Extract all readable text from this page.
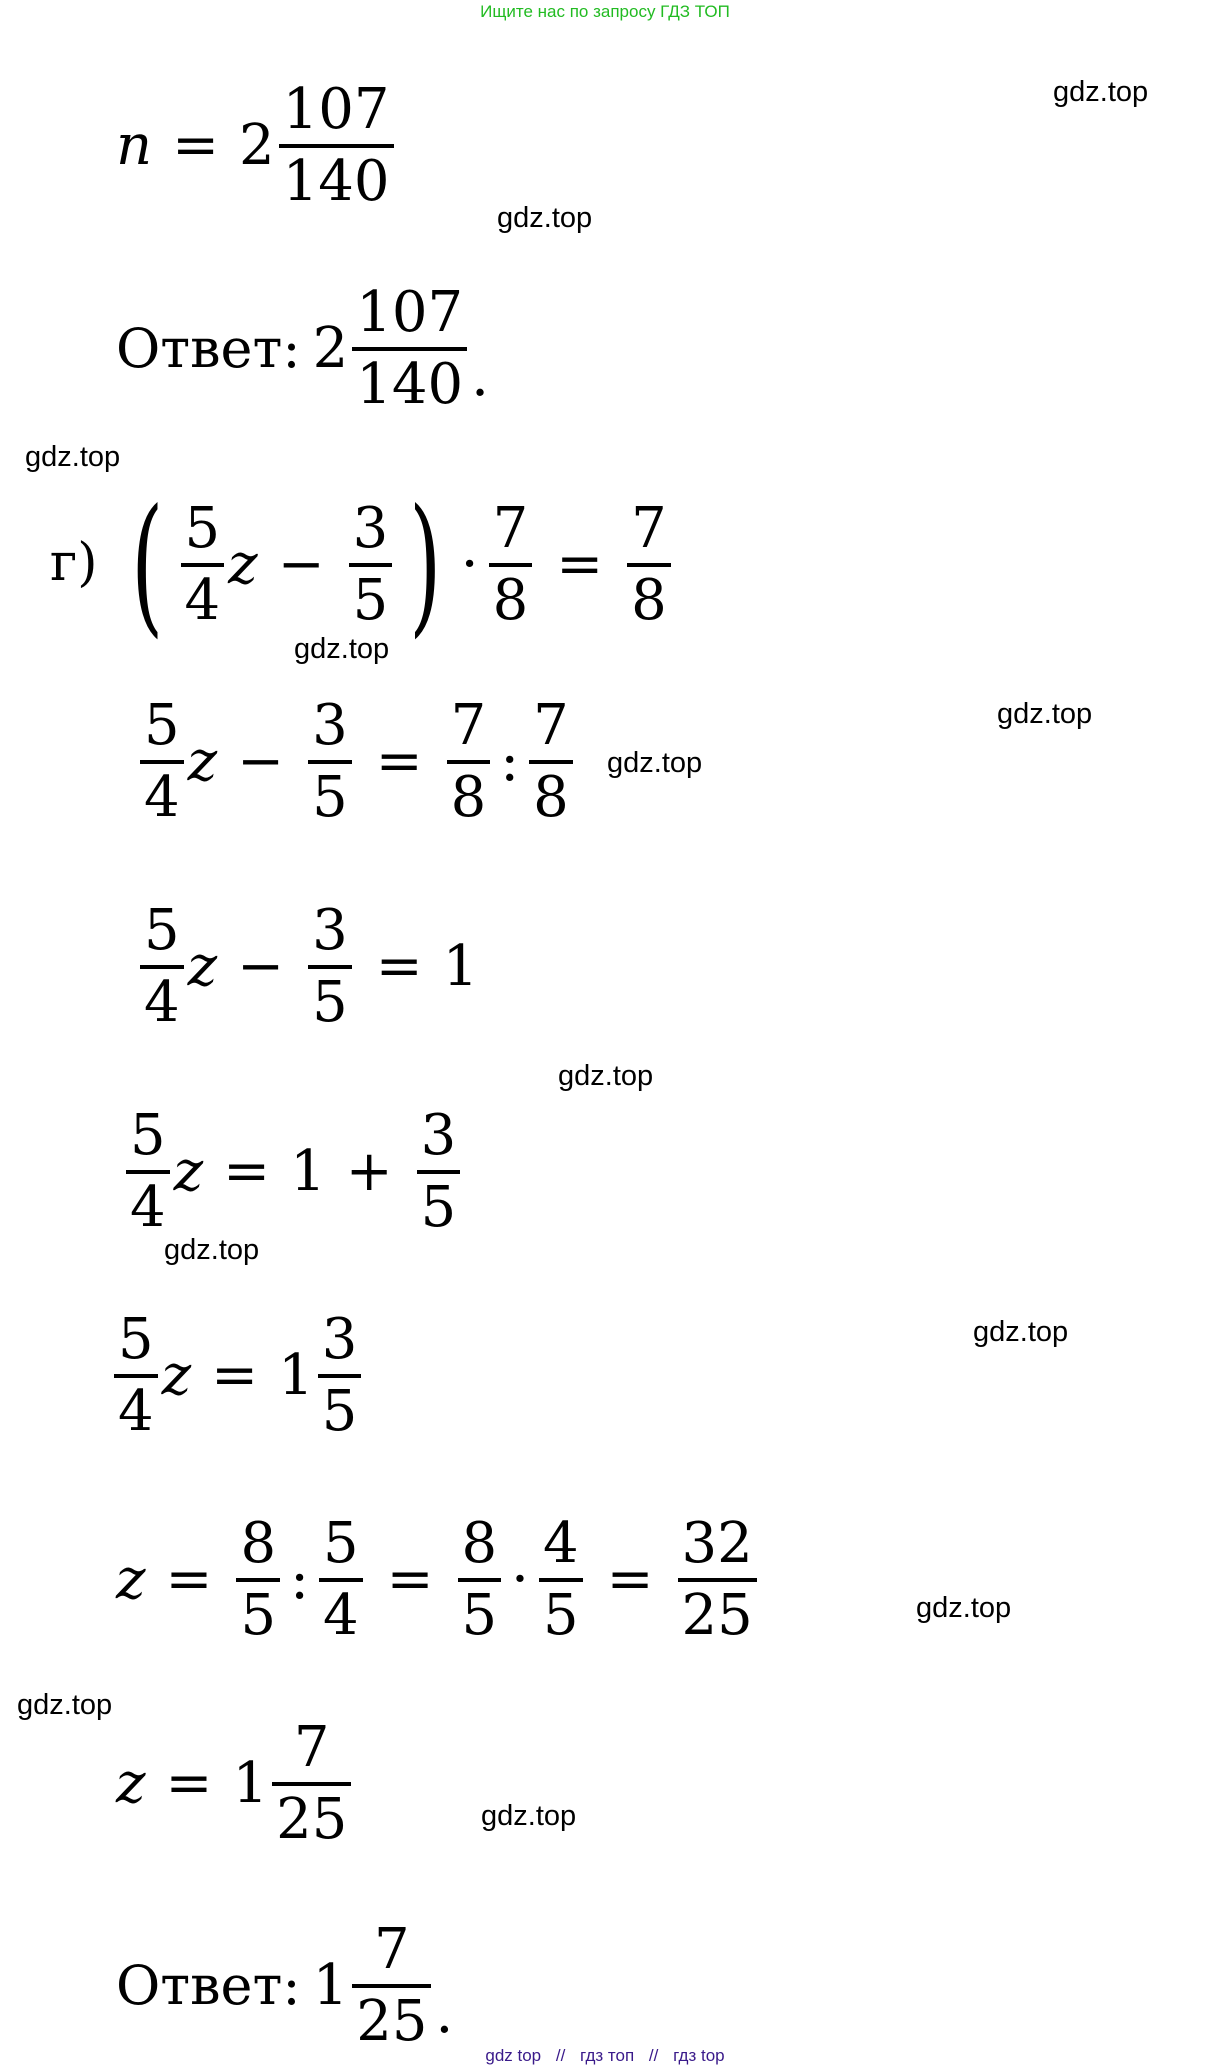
Ищите нас по запросу ГДЗ ТОП
gdz.top
gdz.top
gdz.top
gdz.top
gdz.top
gdz.top
gdz.top
gdz.top
gdz.top
gdz.top
gdz.top
gdz.top
$n = 2 \frac{107}{140}$
Ответ: $2 \frac{107}{140}$ .
г) ( $\frac{5}{4}$ $z - \frac{3}{5}$ ) · $\frac{7}{8} = \frac{7}{8}$
$\frac{5}{4}$ $z - \frac{3}{5} = \frac{7}{8}$ : $\frac{7}{8}$
$\frac{5}{4}$ $z - \frac{3}{5} = 1$
$\frac{5}{4}$ $z = 1 + \frac{3}{5}$
$\frac{5}{4}$ $z = 1 \frac{3}{5}$
$z = \frac{8}{5}$ : $\frac{5}{4} = \frac{8}{5} \cdot \frac{4}{5} = \frac{32}{25}$
$z = 1 \frac{7}{25}$
Ответ: $1 \frac{7}{25}$ .
gdz top // гдз топ // гдз top
